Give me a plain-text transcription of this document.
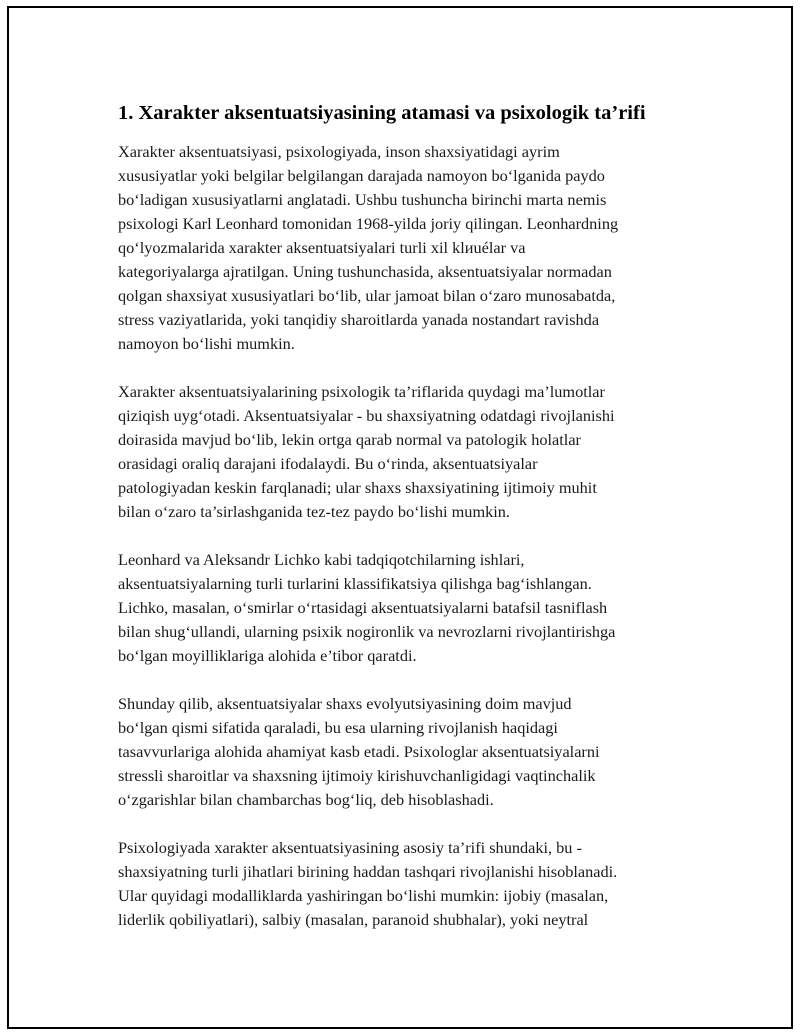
1. Xarakter aksentuatsiyasining atamasi va psixologik ta’rifi

Xarakter aksentuatsiyasi, psixologiyada, inson shaxsiyatidagi ayrim
xususiyatlar yoki belgilar belgilangan darajada namoyon bo‘lganida paydo
bo‘ladigan xususiyatlarni anglatadi. Ushbu tushuncha birinchi marta nemis
psixologi Karl Leonhard tomonidan 1968-yilda joriy qilingan. Leonhardning
qo‘lyozmalarida xarakter aksentuatsiyalari turli xil klиuélar va
kategoriyalarga ajratilgan. Uning tushunchasida, aksentuatsiyalar normadan
qolgan shaxsiyat xususiyatlari bo‘lib, ular jamoat bilan o‘zaro munosabatda,
stress vaziyatlarida, yoki tanqidiy sharoitlarda yanada nostandart ravishda
namoyon bo‘lishi mumkin.

Xarakter aksentuatsiyalarining psixologik ta’riflarida quydagi ma’lumotlar
qiziqish uyg‘otadi. Aksentuatsiyalar - bu shaxsiyatning odatdagi rivojlanishi
doirasida mavjud bo‘lib, lekin ortga qarab normal va patologik holatlar
orasidagi oraliq darajani ifodalaydi. Bu o‘rinda, aksentuatsiyalar
patologiyadan keskin farqlanadi; ular shaxs shaxsiyatining ijtimoiy muhit
bilan o‘zaro ta’sirlashganida tez-tez paydo bo‘lishi mumkin.

Leonhard va Aleksandr Lichko kabi tadqiqotchilarning ishlari,
aksentuatsiyalarning turli turlarini klassifikatsiya qilishga bag‘ishlangan.
Lichko, masalan, o‘smirlar o‘rtasidagi aksentuatsiyalarni batafsil tasniflash
bilan shug‘ullandi, ularning psixik nogironlik va nevrozlarni rivojlantirishga
bo‘lgan moyilliklariga alohida e’tibor qaratdi.

Shunday qilib, aksentuatsiyalar shaxs evolyutsiyasining doim mavjud
bo‘lgan qismi sifatida qaraladi, bu esa ularning rivojlanish haqidagi
tasavvurlariga alohida ahamiyat kasb etadi. Psixologlar aksentuatsiyalarni
stressli sharoitlar va shaxsning ijtimoiy kirishuvchanligidagi vaqtinchalik
o‘zgarishlar bilan chambarchas bog‘liq, deb hisoblashadi.

Psixologiyada xarakter aksentuatsiyasining asosiy ta’rifi shundaki, bu -
shaxsiyatning turli jihatlari birining haddan tashqari rivojlanishi hisoblanadi.
Ular quyidagi modalliklarda yashiringan bo‘lishi mumkin: ijobiy (masalan,
liderlik qobiliyatlari), salbiy (masalan, paranoid shubhalar), yoki neytral
